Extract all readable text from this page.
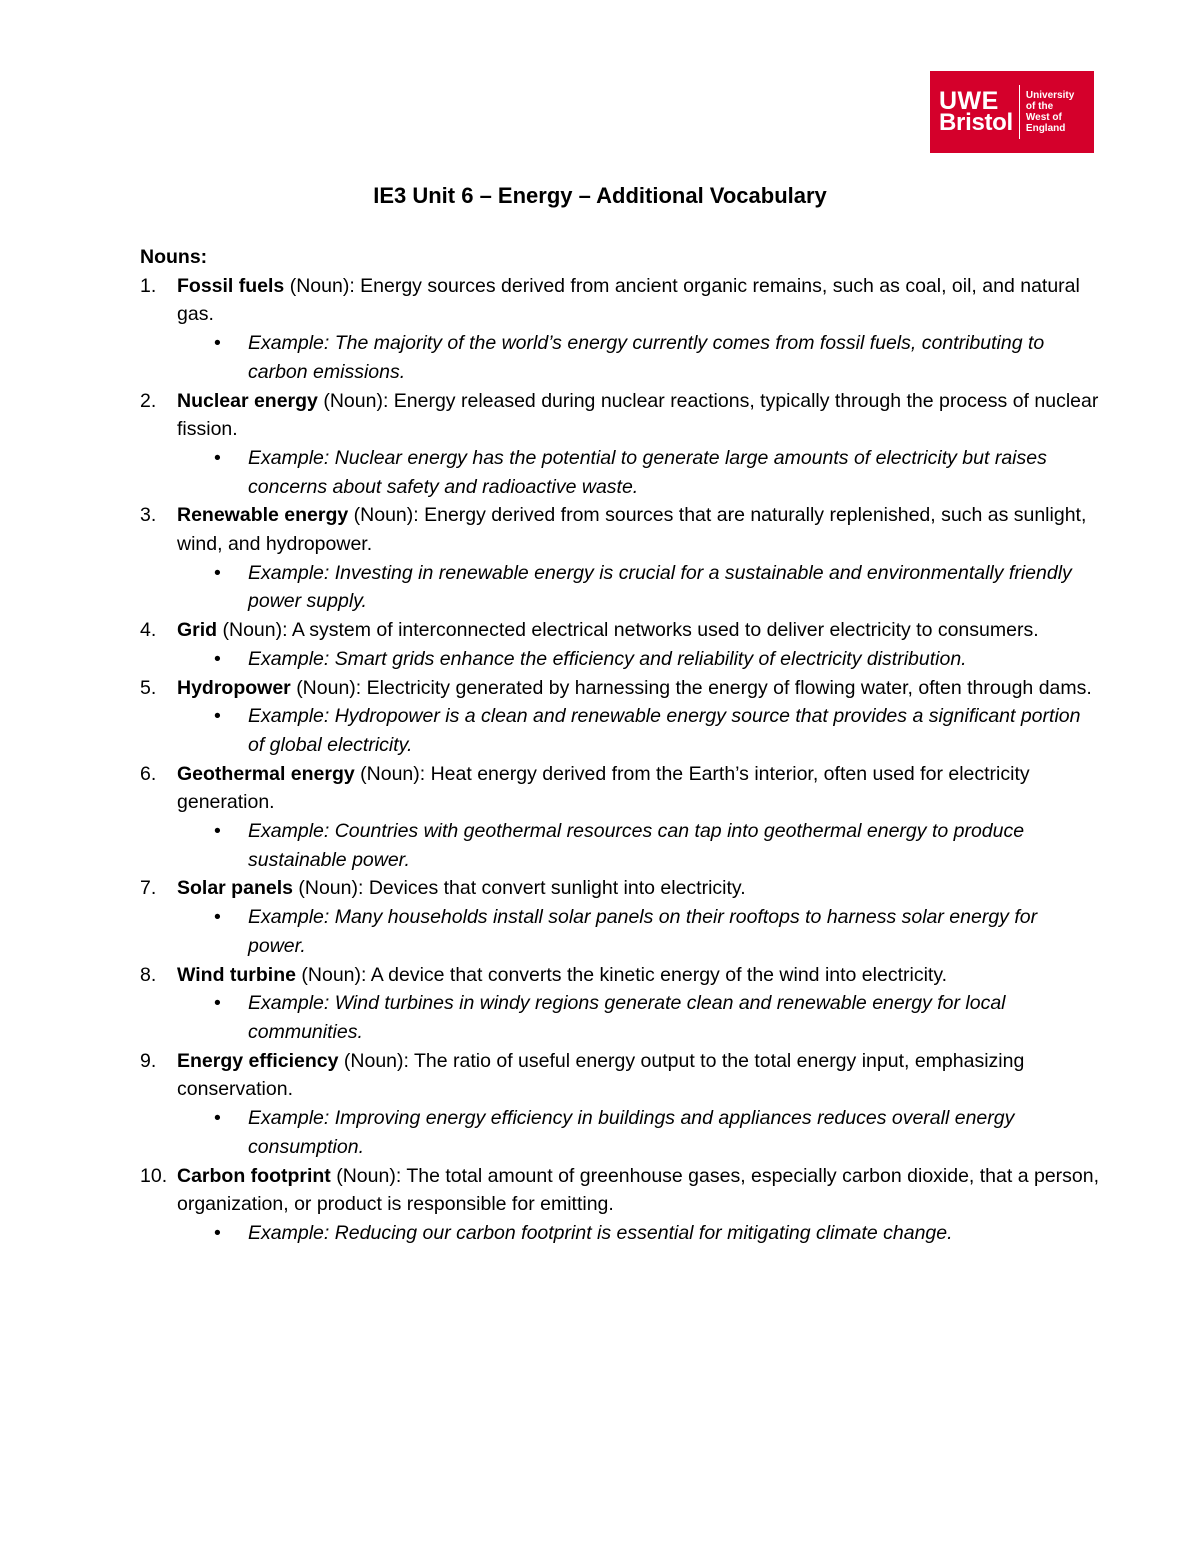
UWE
Bristol
University
of the
West of
England
IE3 Unit 6 – Energy – Additional Vocabulary

Nouns:

1. Fossil fuels (Noun): Energy sources derived from ancient organic remains, such as coal, oil, and natural gas.
• Example: The majority of the world’s energy currently comes from fossil fuels, contributing to carbon emissions.
2. Nuclear energy (Noun): Energy released during nuclear reactions, typically through the process of nuclear fission.
• Example: Nuclear energy has the potential to generate large amounts of electricity but raises concerns about safety and radioactive waste.
3. Renewable energy (Noun): Energy derived from sources that are naturally replenished, such as sunlight, wind, and hydropower.
• Example: Investing in renewable energy is crucial for a sustainable and environmentally friendly power supply.
4. Grid (Noun): A system of interconnected electrical networks used to deliver electricity to consumers.
• Example: Smart grids enhance the efficiency and reliability of electricity distribution.
5. Hydropower (Noun): Electricity generated by harnessing the energy of flowing water, often through dams.
• Example: Hydropower is a clean and renewable energy source that provides a significant portion of global electricity.
6. Geothermal energy (Noun): Heat energy derived from the Earth’s interior, often used for electricity generation.
• Example: Countries with geothermal resources can tap into geothermal energy to produce sustainable power.
7. Solar panels (Noun): Devices that convert sunlight into electricity.
• Example: Many households install solar panels on their rooftops to harness solar energy for power.
8. Wind turbine (Noun): A device that converts the kinetic energy of the wind into electricity.
• Example: Wind turbines in windy regions generate clean and renewable energy for local communities.
9. Energy efficiency (Noun): The ratio of useful energy output to the total energy input, emphasizing conservation.
• Example: Improving energy efficiency in buildings and appliances reduces overall energy consumption.
10. Carbon footprint (Noun): The total amount of greenhouse gases, especially carbon dioxide, that a person, organization, or product is responsible for emitting.
• Example: Reducing our carbon footprint is essential for mitigating climate change.
